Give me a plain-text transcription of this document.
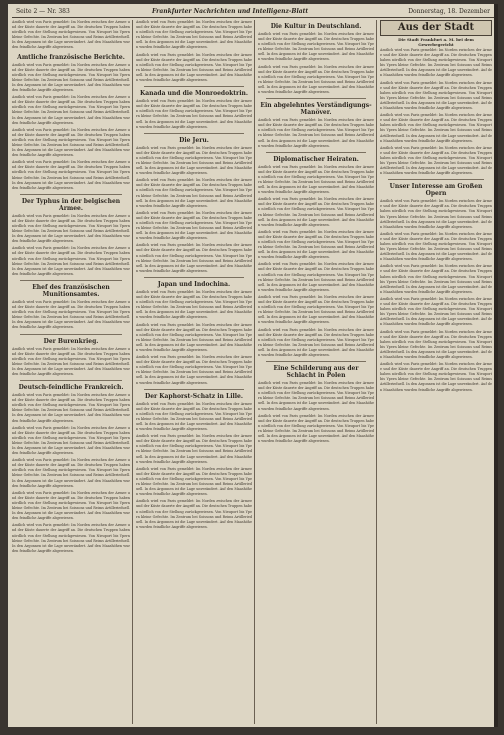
Seite 2 — Nr. 383	Frankfurter Nachrichten und Intelligenz-Blatt	Donnerstag, 18. Dezember

Amtlich wird von Paris gemeldet: Im Norden zwischen der Armee und der Küste dauerte der Angriff an. Die deutschen Truppen haben nördlich von der Stellung zurückgewiesen. Von Nieuport bis Ypern kleine Gefechte. Im Zentrum bei Soissons und Reims Artillerieduell. In den Argonnen ist die Lage unverändert. Auf den Maashöhen wurden feindliche Angriffe abgewiesen.

Amtliche französische Berichte.

Amtlich wird von Paris gemeldet: Im Norden zwischen der Armee und der Küste dauerte der Angriff an. Die deutschen Truppen haben nördlich von der Stellung zurückgewiesen. Von Nieuport bis Ypern kleine Gefechte. Im Zentrum bei Soissons und Reims Artillerieduell. In den Argonnen ist die Lage unverändert. Auf den Maashöhen wurden feindliche Angriffe abgewiesen.

Amtlich wird von Paris gemeldet: Im Norden zwischen der Armee und der Küste dauerte der Angriff an. Die deutschen Truppen haben nördlich von der Stellung zurückgewiesen. Von Nieuport bis Ypern kleine Gefechte. Im Zentrum bei Soissons und Reims Artillerieduell. In den Argonnen ist die Lage unverändert. Auf den Maashöhen wurden feindliche Angriffe abgewiesen.

Amtlich wird von Paris gemeldet: Im Norden zwischen der Armee und der Küste dauerte der Angriff an. Die deutschen Truppen haben nördlich von der Stellung zurückgewiesen. Von Nieuport bis Ypern kleine Gefechte. Im Zentrum bei Soissons und Reims Artillerieduell. In den Argonnen ist die Lage unverändert. Auf den Maashöhen wurden feindliche Angriffe abgewiesen.

Amtlich wird von Paris gemeldet: Im Norden zwischen der Armee und der Küste dauerte der Angriff an. Die deutschen Truppen haben nördlich von der Stellung zurückgewiesen. Von Nieuport bis Ypern kleine Gefechte. Im Zentrum bei Soissons und Reims Artillerieduell. In den Argonnen ist die Lage unverändert. Auf den Maashöhen wurden feindliche Angriffe abgewiesen.

Der Typhus in der belgischen Armee.

Amtlich wird von Paris gemeldet: Im Norden zwischen der Armee und der Küste dauerte der Angriff an. Die deutschen Truppen haben nördlich von der Stellung zurückgewiesen. Von Nieuport bis Ypern kleine Gefechte. Im Zentrum bei Soissons und Reims Artillerieduell. In den Argonnen ist die Lage unverändert. Auf den Maashöhen wurden feindliche Angriffe abgewiesen.

Amtlich wird von Paris gemeldet: Im Norden zwischen der Armee und der Küste dauerte der Angriff an. Die deutschen Truppen haben nördlich von der Stellung zurückgewiesen. Von Nieuport bis Ypern kleine Gefechte. Im Zentrum bei Soissons und Reims Artillerieduell. In den Argonnen ist die Lage unverändert. Auf den Maashöhen wurden feindliche Angriffe abgewiesen.

Ehef des französischen Munitionsamtes.

Amtlich wird von Paris gemeldet: Im Norden zwischen der Armee und der Küste dauerte der Angriff an. Die deutschen Truppen haben nördlich von der Stellung zurückgewiesen. Von Nieuport bis Ypern kleine Gefechte. Im Zentrum bei Soissons und Reims Artillerieduell. In den Argonnen ist die Lage unverändert. Auf den Maashöhen wurden feindliche Angriffe abgewiesen.

Der Burenkrieg.

Amtlich wird von Paris gemeldet: Im Norden zwischen der Armee und der Küste dauerte der Angriff an. Die deutschen Truppen haben nördlich von der Stellung zurückgewiesen. Von Nieuport bis Ypern kleine Gefechte. Im Zentrum bei Soissons und Reims Artillerieduell. In den Argonnen ist die Lage unverändert. Auf den Maashöhen wurden feindliche Angriffe abgewiesen.

Deutsch-feindliche Frankreich.

Amtlich wird von Paris gemeldet: Im Norden zwischen der Armee und der Küste dauerte der Angriff an. Die deutschen Truppen haben nördlich von der Stellung zurückgewiesen. Von Nieuport bis Ypern kleine Gefechte. Im Zentrum bei Soissons und Reims Artillerieduell. In den Argonnen ist die Lage unverändert. Auf den Maashöhen wurden feindliche Angriffe abgewiesen.

Amtlich wird von Paris gemeldet: Im Norden zwischen der Armee und der Küste dauerte der Angriff an. Die deutschen Truppen haben nördlich von der Stellung zurückgewiesen. Von Nieuport bis Ypern kleine Gefechte. Im Zentrum bei Soissons und Reims Artillerieduell. In den Argonnen ist die Lage unverändert. Auf den Maashöhen wurden feindliche Angriffe abgewiesen.

Amtlich wird von Paris gemeldet: Im Norden zwischen der Armee und der Küste dauerte der Angriff an. Die deutschen Truppen haben nördlich von der Stellung zurückgewiesen. Von Nieuport bis Ypern kleine Gefechte. Im Zentrum bei Soissons und Reims Artillerieduell. In den Argonnen ist die Lage unverändert. Auf den Maashöhen wurden feindliche Angriffe abgewiesen.

Amtlich wird von Paris gemeldet: Im Norden zwischen der Armee und der Küste dauerte der Angriff an. Die deutschen Truppen haben nördlich von der Stellung zurückgewiesen. Von Nieuport bis Ypern kleine Gefechte. Im Zentrum bei Soissons und Reims Artillerieduell. In den Argonnen ist die Lage unverändert. Auf den Maashöhen wurden feindliche Angriffe abgewiesen.

Amtlich wird von Paris gemeldet: Im Norden zwischen der Armee und der Küste dauerte der Angriff an. Die deutschen Truppen haben nördlich von der Stellung zurückgewiesen. Von Nieuport bis Ypern kleine Gefechte. Im Zentrum bei Soissons und Reims Artillerieduell. In den Argonnen ist die Lage unverändert. Auf den Maashöhen wurden feindliche Angriffe abgewiesen.

Amtlich wird von Paris gemeldet: Im Norden zwischen der Armee und der Küste dauerte der Angriff an. Die deutschen Truppen haben nördlich von der Stellung zurückgewiesen. Von Nieuport bis Ypern kleine Gefechte. Im Zentrum bei Soissons und Reims Artillerieduell. In den Argonnen ist die Lage unverändert. Auf den Maashöhen wurden feindliche Angriffe abgewiesen.

Amtlich wird von Paris gemeldet: Im Norden zwischen der Armee und der Küste dauerte der Angriff an. Die deutschen Truppen haben nördlich von der Stellung zurückgewiesen. Von Nieuport bis Ypern kleine Gefechte. Im Zentrum bei Soissons und Reims Artillerieduell. In den Argonnen ist die Lage unverändert. Auf den Maashöhen wurden feindliche Angriffe abgewiesen.

Kanada und die Monroedoktrin.

Amtlich wird von Paris gemeldet: Im Norden zwischen der Armee und der Küste dauerte der Angriff an. Die deutschen Truppen haben nördlich von der Stellung zurückgewiesen. Von Nieuport bis Ypern kleine Gefechte. Im Zentrum bei Soissons und Reims Artillerieduell. In den Argonnen ist die Lage unverändert. Auf den Maashöhen wurden feindliche Angriffe abgewiesen.

Die Jeru.

Amtlich wird von Paris gemeldet: Im Norden zwischen der Armee und der Küste dauerte der Angriff an. Die deutschen Truppen haben nördlich von der Stellung zurückgewiesen. Von Nieuport bis Ypern kleine Gefechte. Im Zentrum bei Soissons und Reims Artillerieduell. In den Argonnen ist die Lage unverändert. Auf den Maashöhen wurden feindliche Angriffe abgewiesen.

Amtlich wird von Paris gemeldet: Im Norden zwischen der Armee und der Küste dauerte der Angriff an. Die deutschen Truppen haben nördlich von der Stellung zurückgewiesen. Von Nieuport bis Ypern kleine Gefechte. Im Zentrum bei Soissons und Reims Artillerieduell. In den Argonnen ist die Lage unverändert. Auf den Maashöhen wurden feindliche Angriffe abgewiesen.

Amtlich wird von Paris gemeldet: Im Norden zwischen der Armee und der Küste dauerte der Angriff an. Die deutschen Truppen haben nördlich von der Stellung zurückgewiesen. Von Nieuport bis Ypern kleine Gefechte. Im Zentrum bei Soissons und Reims Artillerieduell. In den Argonnen ist die Lage unverändert. Auf den Maashöhen wurden feindliche Angriffe abgewiesen.

Amtlich wird von Paris gemeldet: Im Norden zwischen der Armee und der Küste dauerte der Angriff an. Die deutschen Truppen haben nördlich von der Stellung zurückgewiesen. Von Nieuport bis Ypern kleine Gefechte. Im Zentrum bei Soissons und Reims Artillerieduell. In den Argonnen ist die Lage unverändert. Auf den Maashöhen wurden feindliche Angriffe abgewiesen.

Japan und Indochina.

Amtlich wird von Paris gemeldet: Im Norden zwischen der Armee und der Küste dauerte der Angriff an. Die deutschen Truppen haben nördlich von der Stellung zurückgewiesen. Von Nieuport bis Ypern kleine Gefechte. Im Zentrum bei Soissons und Reims Artillerieduell. In den Argonnen ist die Lage unverändert. Auf den Maashöhen wurden feindliche Angriffe abgewiesen.

Amtlich wird von Paris gemeldet: Im Norden zwischen der Armee und der Küste dauerte der Angriff an. Die deutschen Truppen haben nördlich von der Stellung zurückgewiesen. Von Nieuport bis Ypern kleine Gefechte. Im Zentrum bei Soissons und Reims Artillerieduell. In den Argonnen ist die Lage unverändert. Auf den Maashöhen wurden feindliche Angriffe abgewiesen.

Amtlich wird von Paris gemeldet: Im Norden zwischen der Armee und der Küste dauerte der Angriff an. Die deutschen Truppen haben nördlich von der Stellung zurückgewiesen. Von Nieuport bis Ypern kleine Gefechte. Im Zentrum bei Soissons und Reims Artillerieduell. In den Argonnen ist die Lage unverändert. Auf den Maashöhen wurden feindliche Angriffe abgewiesen.

Der Kaphorst-Schatz in Lille.

Amtlich wird von Paris gemeldet: Im Norden zwischen der Armee und der Küste dauerte der Angriff an. Die deutschen Truppen haben nördlich von der Stellung zurückgewiesen. Von Nieuport bis Ypern kleine Gefechte. Im Zentrum bei Soissons und Reims Artillerieduell. In den Argonnen ist die Lage unverändert. Auf den Maashöhen wurden feindliche Angriffe abgewiesen.

Amtlich wird von Paris gemeldet: Im Norden zwischen der Armee und der Küste dauerte der Angriff an. Die deutschen Truppen haben nördlich von der Stellung zurückgewiesen. Von Nieuport bis Ypern kleine Gefechte. Im Zentrum bei Soissons und Reims Artillerieduell. In den Argonnen ist die Lage unverändert. Auf den Maashöhen wurden feindliche Angriffe abgewiesen.

Amtlich wird von Paris gemeldet: Im Norden zwischen der Armee und der Küste dauerte der Angriff an. Die deutschen Truppen haben nördlich von der Stellung zurückgewiesen. Von Nieuport bis Ypern kleine Gefechte. Im Zentrum bei Soissons und Reims Artillerieduell. In den Argonnen ist die Lage unverändert. Auf den Maashöhen wurden feindliche Angriffe abgewiesen.

Amtlich wird von Paris gemeldet: Im Norden zwischen der Armee und der Küste dauerte der Angriff an. Die deutschen Truppen haben nördlich von der Stellung zurückgewiesen. Von Nieuport bis Ypern kleine Gefechte. Im Zentrum bei Soissons und Reims Artillerieduell. In den Argonnen ist die Lage unverändert. Auf den Maashöhen wurden feindliche Angriffe abgewiesen.

Die Kultur in Deutschland.

Amtlich wird von Paris gemeldet: Im Norden zwischen der Armee und der Küste dauerte der Angriff an. Die deutschen Truppen haben nördlich von der Stellung zurückgewiesen. Von Nieuport bis Ypern kleine Gefechte. Im Zentrum bei Soissons und Reims Artillerieduell. In den Argonnen ist die Lage unverändert. Auf den Maashöhen wurden feindliche Angriffe abgewiesen.

Amtlich wird von Paris gemeldet: Im Norden zwischen der Armee und der Küste dauerte der Angriff an. Die deutschen Truppen haben nördlich von der Stellung zurückgewiesen. Von Nieuport bis Ypern kleine Gefechte. Im Zentrum bei Soissons und Reims Artillerieduell. In den Argonnen ist die Lage unverändert. Auf den Maashöhen wurden feindliche Angriffe abgewiesen.

Ein abgelehntes Verständigungs-Manöver.

Amtlich wird von Paris gemeldet: Im Norden zwischen der Armee und der Küste dauerte der Angriff an. Die deutschen Truppen haben nördlich von der Stellung zurückgewiesen. Von Nieuport bis Ypern kleine Gefechte. Im Zentrum bei Soissons und Reims Artillerieduell. In den Argonnen ist die Lage unverändert. Auf den Maashöhen wurden feindliche Angriffe abgewiesen.

Diplomatischer Heiraten.

Amtlich wird von Paris gemeldet: Im Norden zwischen der Armee und der Küste dauerte der Angriff an. Die deutschen Truppen haben nördlich von der Stellung zurückgewiesen. Von Nieuport bis Ypern kleine Gefechte. Im Zentrum bei Soissons und Reims Artillerieduell. In den Argonnen ist die Lage unverändert. Auf den Maashöhen wurden feindliche Angriffe abgewiesen.

Amtlich wird von Paris gemeldet: Im Norden zwischen der Armee und der Küste dauerte der Angriff an. Die deutschen Truppen haben nördlich von der Stellung zurückgewiesen. Von Nieuport bis Ypern kleine Gefechte. Im Zentrum bei Soissons und Reims Artillerieduell. In den Argonnen ist die Lage unverändert. Auf den Maashöhen wurden feindliche Angriffe abgewiesen.

Amtlich wird von Paris gemeldet: Im Norden zwischen der Armee und der Küste dauerte der Angriff an. Die deutschen Truppen haben nördlich von der Stellung zurückgewiesen. Von Nieuport bis Ypern kleine Gefechte. Im Zentrum bei Soissons und Reims Artillerieduell. In den Argonnen ist die Lage unverändert. Auf den Maashöhen wurden feindliche Angriffe abgewiesen.

Amtlich wird von Paris gemeldet: Im Norden zwischen der Armee und der Küste dauerte der Angriff an. Die deutschen Truppen haben nördlich von der Stellung zurückgewiesen. Von Nieuport bis Ypern kleine Gefechte. Im Zentrum bei Soissons und Reims Artillerieduell. In den Argonnen ist die Lage unverändert. Auf den Maashöhen wurden feindliche Angriffe abgewiesen.

Amtlich wird von Paris gemeldet: Im Norden zwischen der Armee und der Küste dauerte der Angriff an. Die deutschen Truppen haben nördlich von der Stellung zurückgewiesen. Von Nieuport bis Ypern kleine Gefechte. Im Zentrum bei Soissons und Reims Artillerieduell. In den Argonnen ist die Lage unverändert. Auf den Maashöhen wurden feindliche Angriffe abgewiesen.

Amtlich wird von Paris gemeldet: Im Norden zwischen der Armee und der Küste dauerte der Angriff an. Die deutschen Truppen haben nördlich von der Stellung zurückgewiesen. Von Nieuport bis Ypern kleine Gefechte. Im Zentrum bei Soissons und Reims Artillerieduell. In den Argonnen ist die Lage unverändert. Auf den Maashöhen wurden feindliche Angriffe abgewiesen.

Eine Schilderung aus der Schlacht in Polen

Amtlich wird von Paris gemeldet: Im Norden zwischen der Armee und der Küste dauerte der Angriff an. Die deutschen Truppen haben nördlich von der Stellung zurückgewiesen. Von Nieuport bis Ypern kleine Gefechte. Im Zentrum bei Soissons und Reims Artillerieduell. In den Argonnen ist die Lage unverändert. Auf den Maashöhen wurden feindliche Angriffe abgewiesen.

Amtlich wird von Paris gemeldet: Im Norden zwischen der Armee und der Küste dauerte der Angriff an. Die deutschen Truppen haben nördlich von der Stellung zurückgewiesen. Von Nieuport bis Ypern kleine Gefechte. Im Zentrum bei Soissons und Reims Artillerieduell. In den Argonnen ist die Lage unverändert. Auf den Maashöhen wurden feindliche Angriffe abgewiesen.

Aus der Stadt
Die Stadt Frankfurt a. M. bei dem Gewerbegericht

Amtlich wird von Paris gemeldet: Im Norden zwischen der Armee und der Küste dauerte der Angriff an. Die deutschen Truppen haben nördlich von der Stellung zurückgewiesen. Von Nieuport bis Ypern kleine Gefechte. Im Zentrum bei Soissons und Reims Artillerieduell. In den Argonnen ist die Lage unverändert. Auf den Maashöhen wurden feindliche Angriffe abgewiesen.

Amtlich wird von Paris gemeldet: Im Norden zwischen der Armee und der Küste dauerte der Angriff an. Die deutschen Truppen haben nördlich von der Stellung zurückgewiesen. Von Nieuport bis Ypern kleine Gefechte. Im Zentrum bei Soissons und Reims Artillerieduell. In den Argonnen ist die Lage unverändert. Auf den Maashöhen wurden feindliche Angriffe abgewiesen.

Amtlich wird von Paris gemeldet: Im Norden zwischen der Armee und der Küste dauerte der Angriff an. Die deutschen Truppen haben nördlich von der Stellung zurückgewiesen. Von Nieuport bis Ypern kleine Gefechte. Im Zentrum bei Soissons und Reims Artillerieduell. In den Argonnen ist die Lage unverändert. Auf den Maashöhen wurden feindliche Angriffe abgewiesen.

Amtlich wird von Paris gemeldet: Im Norden zwischen der Armee und der Küste dauerte der Angriff an. Die deutschen Truppen haben nördlich von der Stellung zurückgewiesen. Von Nieuport bis Ypern kleine Gefechte. Im Zentrum bei Soissons und Reims Artillerieduell. In den Argonnen ist die Lage unverändert. Auf den Maashöhen wurden feindliche Angriffe abgewiesen.

Unser Interesse am Großen Opern

Amtlich wird von Paris gemeldet: Im Norden zwischen der Armee und der Küste dauerte der Angriff an. Die deutschen Truppen haben nördlich von der Stellung zurückgewiesen. Von Nieuport bis Ypern kleine Gefechte. Im Zentrum bei Soissons und Reims Artillerieduell. In den Argonnen ist die Lage unverändert. Auf den Maashöhen wurden feindliche Angriffe abgewiesen.

Amtlich wird von Paris gemeldet: Im Norden zwischen der Armee und der Küste dauerte der Angriff an. Die deutschen Truppen haben nördlich von der Stellung zurückgewiesen. Von Nieuport bis Ypern kleine Gefechte. Im Zentrum bei Soissons und Reims Artillerieduell. In den Argonnen ist die Lage unverändert. Auf den Maashöhen wurden feindliche Angriffe abgewiesen.

Amtlich wird von Paris gemeldet: Im Norden zwischen der Armee und der Küste dauerte der Angriff an. Die deutschen Truppen haben nördlich von der Stellung zurückgewiesen. Von Nieuport bis Ypern kleine Gefechte. Im Zentrum bei Soissons und Reims Artillerieduell. In den Argonnen ist die Lage unverändert. Auf den Maashöhen wurden feindliche Angriffe abgewiesen.

Amtlich wird von Paris gemeldet: Im Norden zwischen der Armee und der Küste dauerte der Angriff an. Die deutschen Truppen haben nördlich von der Stellung zurückgewiesen. Von Nieuport bis Ypern kleine Gefechte. Im Zentrum bei Soissons und Reims Artillerieduell. In den Argonnen ist die Lage unverändert. Auf den Maashöhen wurden feindliche Angriffe abgewiesen.

Amtlich wird von Paris gemeldet: Im Norden zwischen der Armee und der Küste dauerte der Angriff an. Die deutschen Truppen haben nördlich von der Stellung zurückgewiesen. Von Nieuport bis Ypern kleine Gefechte. Im Zentrum bei Soissons und Reims Artillerieduell. In den Argonnen ist die Lage unverändert. Auf den Maashöhen wurden feindliche Angriffe abgewiesen.

Amtlich wird von Paris gemeldet: Im Norden zwischen der Armee und der Küste dauerte der Angriff an. Die deutschen Truppen haben nördlich von der Stellung zurückgewiesen. Von Nieuport bis Ypern kleine Gefechte. Im Zentrum bei Soissons und Reims Artillerieduell. In den Argonnen ist die Lage unverändert. Auf den Maashöhen wurden feindliche Angriffe abgewiesen.
